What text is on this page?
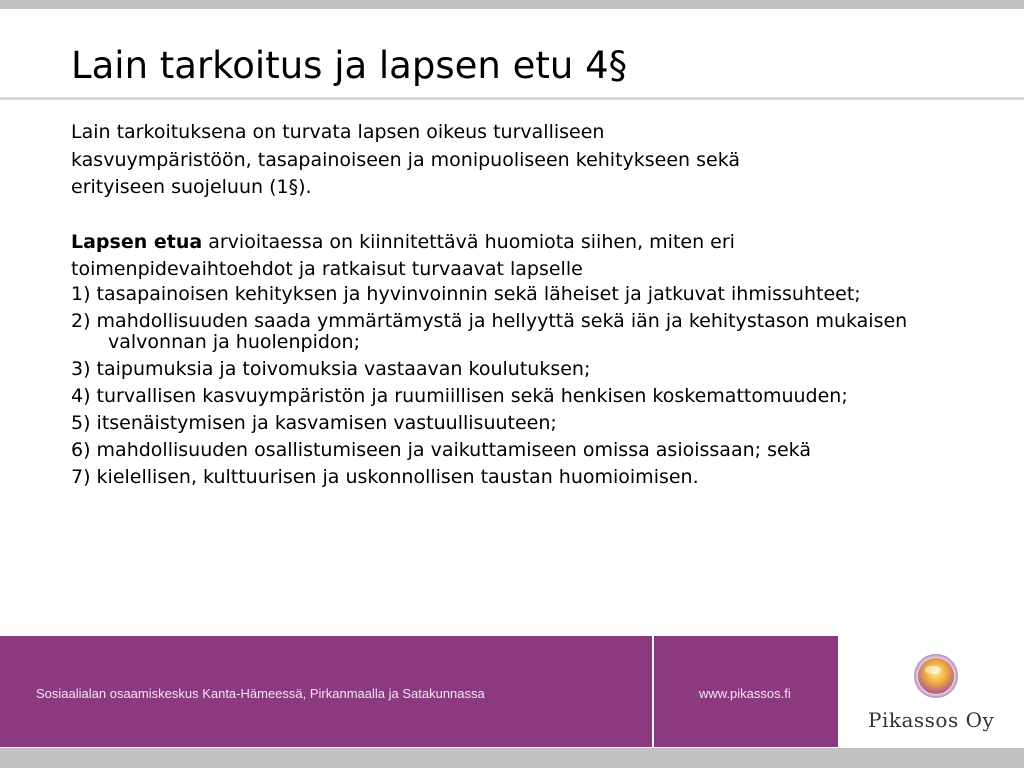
Lain tarkoitus ja lapsen etu 4§

Lain tarkoituksena on turvata lapsen oikeus turvalliseen

kasvuympäristöön, tasapainoiseen ja monipuoliseen kehitykseen sekä

erityiseen suojeluun (1§).

Lapsen etua arvioitaessa on kiinnitettävä huomiota siihen, miten eri

toimenpidevaihtoehdot ja ratkaisut turvaavat lapselle

1) tasapainoisen kehityksen ja hyvinvoinnin sekä läheiset ja jatkuvat ihmissuhteet;
2) mahdollisuuden saada ymmärtämystä ja hellyyttä sekä iän ja kehitystason mukaisen valvonnan ja huolenpidon;
3) taipumuksia ja toivomuksia vastaavan koulutuksen;
4) turvallisen kasvuympäristön ja ruumiillisen sekä henkisen koskemattomuuden;
5) itsenäistymisen ja kasvamisen vastuullisuuteen;
6) mahdollisuuden osallistumiseen ja vaikuttamiseen omissa asioissaan; sekä
7) kielellisen, kulttuurisen ja uskonnollisen taustan huomioimisen.
Sosiaalialan osaamiskeskus Kanta-Hämeessä, Pirkanmaalla ja Satakunnassa	www.pikassos.fi
Pikassos Oy
